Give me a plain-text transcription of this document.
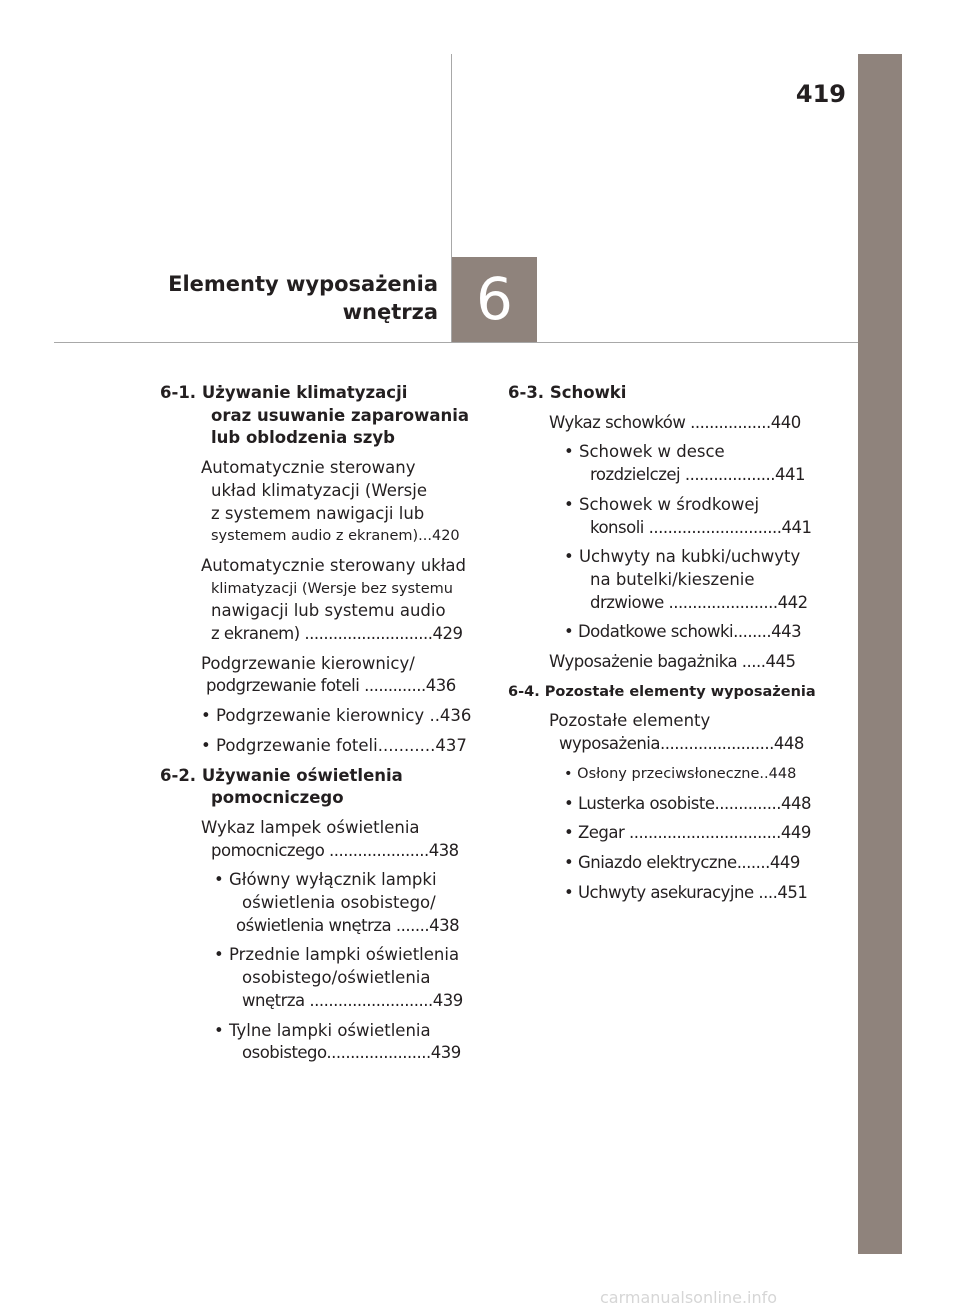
419
Elementy wyposażenia
wnętrza 6
6-1. Używanie klimatyzacji
oraz usuwanie zaparowania
lub oblodzenia szyb
Automatycznie sterowany
układ klimatyzacji (Wersje
z systemem nawigacji lub
systemem audio z ekranem)...420
Automatycznie sterowany układ
klimatyzacji (Wersje bez systemu
nawigacji lub systemu audio
z ekranem) ...........................429
Podgrzewanie kierownicy/
podgrzewanie foteli .............436
• Podgrzewanie kierownicy ..436
• Podgrzewanie foteli...........437
6-2. Używanie oświetlenia
pomocniczego
Wykaz lampek oświetlenia
pomocniczego .....................438
• Główny wyłącznik lampki
oświetlenia osobistego/
oświetlenia wnętrza .......438
• Przednie lampki oświetlenia
osobistego/oświetlenia
wnętrza ..........................439
• Tylne lampki oświetlenia
osobistego......................439
6-3. Schowki
Wykaz schowków .................440
• Schowek w desce
rozdzielczej ...................441
• Schowek w środkowej
konsoli ............................441
• Uchwyty na kubki/uchwyty
na butelki/kieszenie
drzwiowe .......................442
• Dodatkowe schowki........443
Wyposażenie bagażnika .....445
6-4. Pozostałe elementy wyposażenia
Pozostałe elementy
wyposażenia........................448
• Osłony przeciwsłoneczne..448
• Lusterka osobiste..............448
• Zegar ................................449
• Gniazdo elektryczne.......449
• Uchwyty asekuracyjne ....451
carmanualsonline.info
